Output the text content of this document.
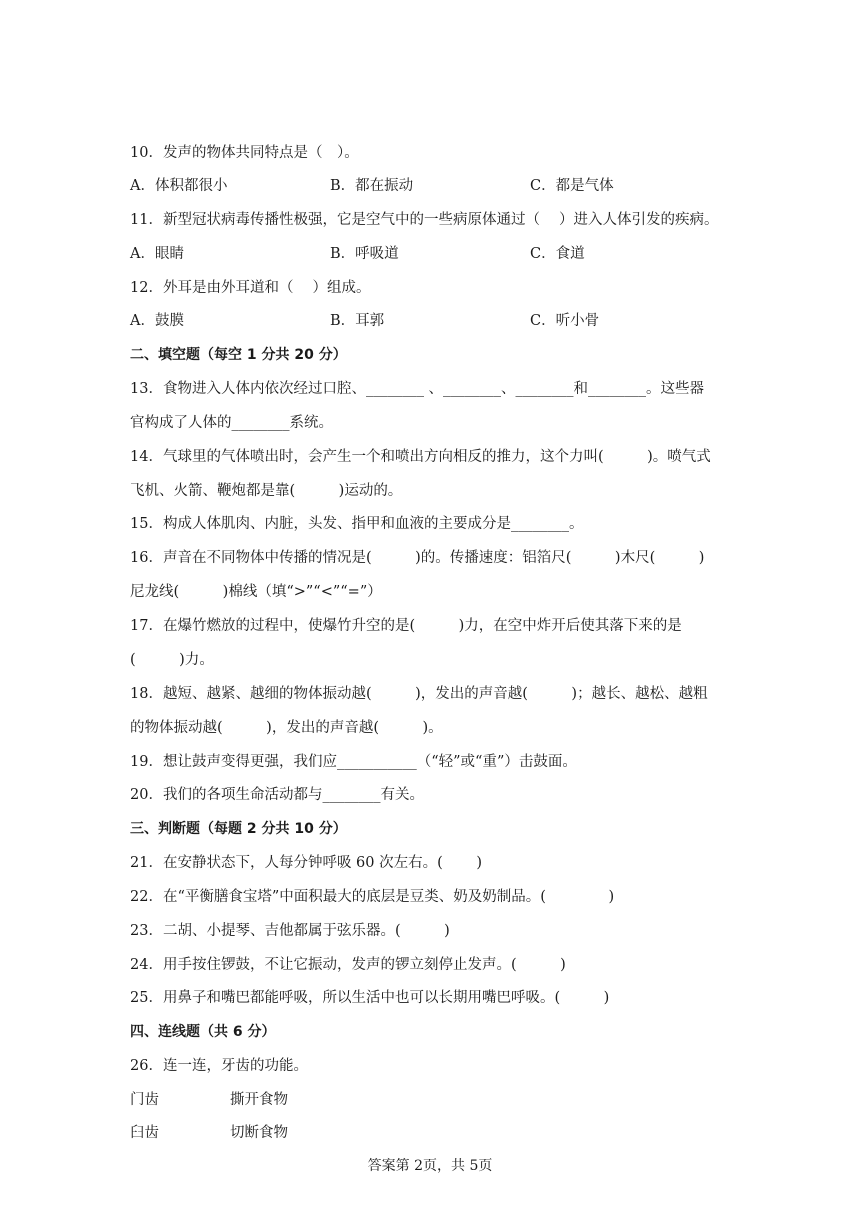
10．发声的物体共同特点是（　）。
A．体积都很小	B．都在振动	C．都是气体
11．新型冠状病毒传播性极强，它是空气中的一些病原体通过（　 ）进入人体引发的疾病。
A．眼睛	B．呼吸道	C．食道
12．外耳是由外耳道和（　 ）组成。
A．鼓膜	B．耳郭	C．听小骨
二、填空题（每空 1 分共 20 分）
13．食物进入人体内依次经过口腔、________ 、________、________和________。这些器
官构成了人体的________系统。
14．气球里的气体喷出时，会产生一个和喷出方向相反的推力，这个力叫(　　　)。喷气式
飞机、火箭、鞭炮都是靠(　　　)运动的。
15．构成人体肌肉、内脏，头发、指甲和血液的主要成分是________。
16．声音在不同物体中传播的情况是(　　　)的。传播速度：铝箔尺(　　　)木尺(　　　)
尼龙线(　　　)棉线（填“>”“<”“=”）
17．在爆竹燃放的过程中，使爆竹升空的是(　　　)力，在空中炸开后使其落下来的是
(　　　)力。
18．越短、越紧、越细的物体振动越(　　　)，发出的声音越(　　　)；越长、越松、越粗
的物体振动越(　　　)，发出的声音越(　　　)。
19．想让鼓声变得更强，我们应___________（“轻”或“重”）击鼓面。
20．我们的各项生命活动都与________有关。
三、判断题（每题 2 分共 10 分）
21．在安静状态下，人每分钟呼吸 60 次左右。(　　 )
22．在“平衡膳食宝塔”中面积最大的底层是豆类、奶及奶制品。(　　　　 )
23．二胡、小提琴、吉他都属于弦乐器。(　　　)
24．用手按住锣鼓，不让它振动，发声的锣立刻停止发声。(　　　)
25．用鼻子和嘴巴都能呼吸，所以生活中也可以长期用嘴巴呼吸。(　　　)
四、连线题（共 6 分）
26．连一连，牙齿的功能。
门齿	撕开食物
臼齿	切断食物
答案第 2页，共 5页
